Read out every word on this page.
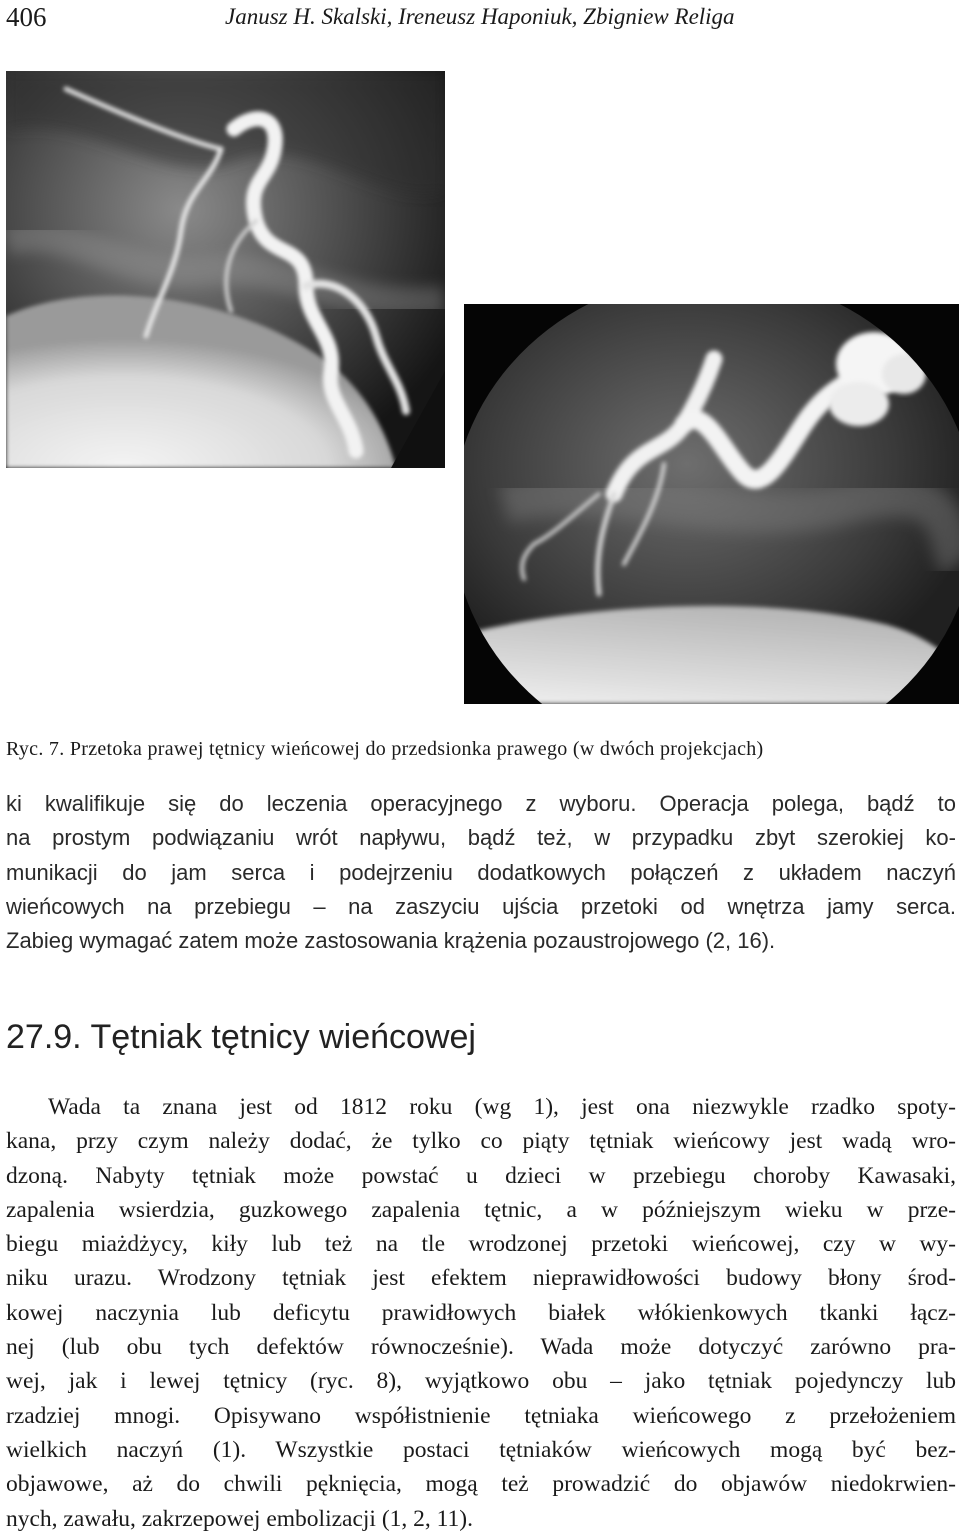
406	Janusz H. Skalski, Ireneusz Haponiuk, Zbigniew Religa

Ryc. 7. Przetoka prawej tętnicy wieńcowej do przedsionka prawego (w dwóch projekcjach)

ki kwalifikuje się do leczenia operacyjnego z wyboru. Operacja polega, bądź to
na prostym podwiązaniu wrót napływu, bądź też, w przypadku zbyt szerokiej ko-
munikacji do jam serca i podejrzeniu dodatkowych połączeń z układem naczyń
wieńcowych na przebiegu – na zaszyciu ujścia przetoki od wnętrza jamy serca.
Zabieg wymagać zatem może zastosowania krążenia pozaustrojowego (2, 16).
27.9. Tętniak tętnicy wieńcowej
Wada ta znana jest od 1812 roku (wg 1), jest ona niezwykle rzadko spoty-
kana, przy czym należy dodać, że tylko co piąty tętniak wieńcowy jest wadą wro-
dzoną. Nabyty tętniak może powstać u dzieci w przebiegu choroby Kawasaki,
zapalenia wsierdzia, guzkowego zapalenia tętnic, a w późniejszym wieku w prze-
biegu miażdżycy, kiły lub też na tle wrodzonej przetoki wieńcowej, czy w wy-
niku urazu. Wrodzony tętniak jest efektem nieprawidłowości budowy błony środ-
kowej naczynia lub deficytu prawidłowych białek włókienkowych tkanki łącz-
nej (lub obu tych defektów równocześnie). Wada może dotyczyć zarówno pra-
wej, jak i lewej tętnicy (ryc. 8), wyjątkowo obu – jako tętniak pojedynczy lub
rzadziej mnogi. Opisywano współistnienie tętniaka wieńcowego z przełożeniem
wielkich naczyń (1). Wszystkie postaci tętniaków wieńcowych mogą być bez-
objawowe, aż do chwili pęknięcia, mogą też prowadzić do objawów niedokrwien-
nych, zawału, zakrzepowej embolizacji (1, 2, 11).
